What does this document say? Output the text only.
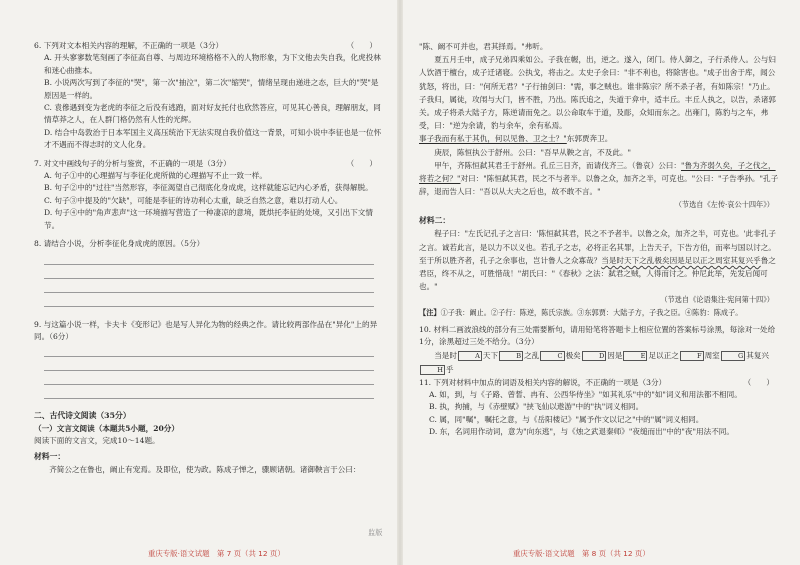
6. 下列对文本相关内容的理解，不正确的一项是（3分）	（　　）

A. 开头寥寥数笔刻画了李征高自尊、与周边环境格格不入的人物形象，为下文他去失自我，化虎投林和迷心曲推本。

B. 小说两次写到了李征的"哭"，第一次"抽泣"，第二次"缩哭"，情绪呈现由递进之态，巨大的"哭"是原因是一样的。

C. 袁傪遇到变为老虎的李征之后没有逃跑，面对好友托付也欣然答应，可见其心善良，理解朋友，同情草莽之人，在人群门格仍然有人性的光辉。

D. 结合中岛敦治于日本军国主义高压统治下无法实现自我价值这一背景，可知小说中李征也是一位怀才不遇而不得志时的文人化身。

7. 对文中画线句子的分析与鉴赏，不正确的一项是（3分）	（　　）

A. 句子①中的心理描写与李征化虎所做的心理描写不止一致一样。

B. 句子②中的"过往"当然形容，李征渴望自己彻底化身成虎，这样就能忘记内心矛盾，获得解脱。

C. 句子③中提及的"欠缺"，可能是李征的诗功利心太重，缺乏自然之意，难以打动人心。

D. 句子④中的"角声悲声"这一环境描写营造了一种凄凉的意境，既烘托李征的处境，又引出下文情节。

8. 请结合小说，分析李征化身成虎的原因。（5分）

9. 与这篇小说一样，卡夫卡《变形记》也是写人异化为物的经典之作。请比较两部作品在"异化"上的异同。（6分）

二、古代诗文阅读（35分）

（一）文言文阅读（本题共5小题，20分）

阅读下面的文言文，完成10～14题。

材料一：

齐简公之在鲁也，阚止有宠焉。及即位，使为政。陈成子惮之，骤顾诸朝。诸御鞅言于公曰：

重庆专版·语文试题　第 7 页（共 12 页）
监版

"陈、阚不可并也，君其择焉。"弗听。

夏五月壬申，成子兄弟四乘如公。子我在幄，出，逆之。遂入，闭门。侍人御之，子行杀侍人。公与妇人饮酒于檀台，成子迁诸寝。公执戈，将击之。太史子余曰："非不利也，将除害也。"成子出舍于库，闻公犹怒，将出，曰："何所无君？"子行抽剑曰："需，事之贼也。谁非陈宗？所不杀子者，有如陈宗！"乃止。子我归，属徒，攻闱与大门，皆不胜，乃出。陈氏追之，失道于弇中，适丰丘。丰丘人执之，以告，杀诸郭关。成子将杀大陆子方，陈逆请而免之。以公命取车于道，及耏，众知而东之。出雍门，陈豹与之车，弗受，曰："逆为余请，豹与余车，余有私焉。

事子我而有私于其仇，何以见鲁、卫之士？"东郭贾奔卫。

庚辰，陈恒执公于舒州。公曰："吾早从鞅之言，不及此。"

甲午，齐陈恒弑其君壬于舒州。孔丘三日齐，而请伐齐三。（鲁哀）公曰："鲁为齐弱久矣，子之伐之，将若之何？"对曰："陈恒弑其君，民之不与者半。以鲁之众，加齐之半，可克也。"公曰："子告季孙。"孔子辞，退而告人曰："吾以从大夫之后也，故不敢不言。"

（节选自《左传·哀公十四年》）

材料二：

程子曰："左氏记孔子之言曰：'陈恒弑其君，民之不予者半。以鲁之众，加齐之半，可克也。'此非孔子之言。诚若此言，是以力不以义也。若孔子之志，必将正名其罪，上告天子，下告方伯，而率与国以讨之。至于所以胜齐者，孔子之余事也，岂计鲁人之众寡哉？当是时天下之乱极矣因是足以正之周室其复兴乎鲁之君臣，终不从之，可胜惜哉！"胡氏曰："《春秋》之法：弑君之贼，人得而讨之。仲尼此举，先发后闻可也。"

（节选自《论语集注·宪问第十四》）

【注】①子我：阚止。②子行：陈逆，陈氏宗族。③东郭贾：大陆子方，子我之臣。④陈豹：陈成子。

10. 材料二画波浪线的部分有三处需要断句，请用铅笔将答题卡上相应位置的答案标号涂黑，每涂对一处给1分，涂黑超过三处不给分。（3分）

当是时	A 天下	B 之乱	C 极矣	D 因是	E 足以正之	F 周室	G 其复兴H 乎

11. 下列对材料中加点的词语及相关内容的解说，不正确的一项是（3分）	（　　）

A. 如，到，与《子路、曾皙、冉有、公西华侍坐》"如其礼乐"中的"如"词义和用法都不相同。

B. 执，拘捕，与《赤壁赋》"挟飞仙以遨游"中的"执"词义相同。

C. 属，同"嘱"，嘱托之意，与《岳阳楼记》"属予作文以记之"中的"属"词义相同。

D. 东，名词用作动词，意为"向东逃"，与《烛之武退秦师》"夜缒而出"中的"夜"用法不同。

重庆专版·语文试题　第 8 页（共 12 页）
